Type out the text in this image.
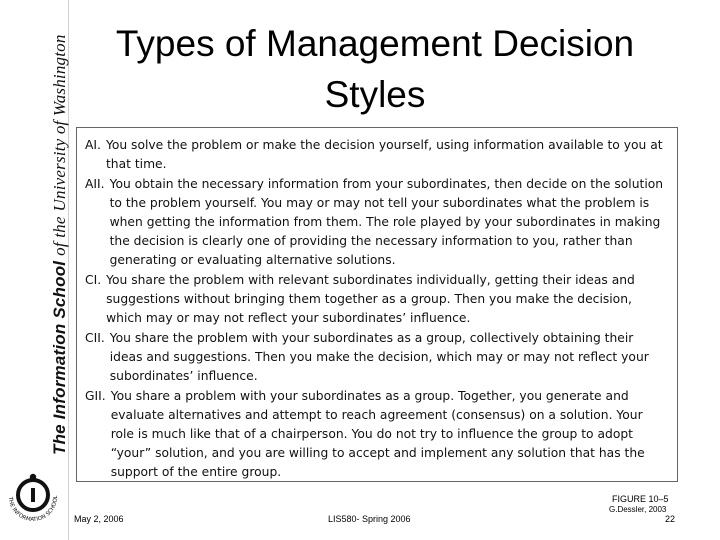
The Information School of the University of Washington
THE INFORMATION SCHOOL
Types of Management Decision
Styles
AI. You solve the problem or make the decision yourself, using information available to you at that time.
AII. You obtain the necessary information from your subordinates, then decide on the solution to the problem yourself. You may or may not tell your subordinates what the problem is when getting the information from them. The role played by your subordinates in making the decision is clearly one of providing the necessary information to you, rather than generating or evaluating alternative solutions.
CI. You share the problem with relevant subordinates individually, getting their ideas and suggestions without bringing them together as a group. Then you make the decision, which may or may not reflect your subordinates’ influence.
CII. You share the problem with your subordinates as a group, collectively obtaining their ideas and suggestions. Then you make the decision, which may or may not reflect your subordinates’ influence.
GII. You share a problem with your subordinates as a group. Together, you generate and evaluate alternatives and attempt to reach agreement (consensus) on a solution. Your role is much like that of a chairperson. You do not try to influence the group to adopt “your” solution, and you are willing to accept and implement any solution that has the support of the entire group.
FIGURE 10–5
G.Dessler, 2003
May 2, 2006	LIS580- Spring 2006	22
